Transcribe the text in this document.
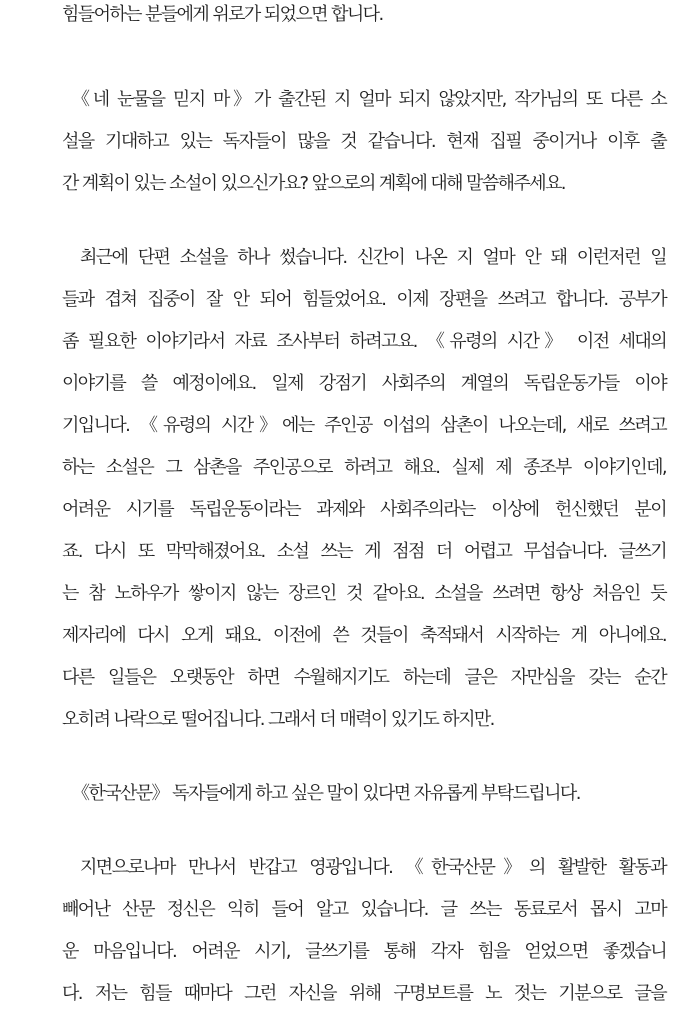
힘들어하는 분들에게 위로가 되었으면 합니다.
《네 눈물을 믿지 마》가 출간된 지 얼마 되지 않았지만, 작가님의 또 다른 소
설을 기대하고 있는 독자들이 많을 것 같습니다. 현재 집필 중이거나 이후 출
간 계획이 있는 소설이 있으신가요? 앞으로의 계획에 대해 말씀해주세요.
최근에 단편 소설을 하나 썼습니다. 신간이 나온 지 얼마 안 돼 이런저런 일
들과 겹쳐 집중이 잘 안 되어 힘들었어요. 이제 장편을 쓰려고 합니다. 공부가
좀 필요한 이야기라서 자료 조사부터 하려고요. 《유령의 시간》 이전 세대의
이야기를 쓸 예정이에요. 일제 강점기 사회주의 계열의 독립운동가들 이야
기입니다. 《유령의 시간》에는 주인공 이섭의 삼촌이 나오는데, 새로 쓰려고
하는 소설은 그 삼촌을 주인공으로 하려고 해요. 실제 제 종조부 이야기인데,
어려운 시기를 독립운동이라는 과제와 사회주의라는 이상에 헌신했던 분이
죠. 다시 또 막막해졌어요. 소설 쓰는 게 점점 더 어렵고 무섭습니다. 글쓰기
는 참 노하우가 쌓이지 않는 장르인 것 같아요. 소설을 쓰려면 항상 처음인 듯
제자리에 다시 오게 돼요. 이전에 쓴 것들이 축적돼서 시작하는 게 아니에요.
다른 일들은 오랫동안 하면 수월해지기도 하는데 글은 자만심을 갖는 순간
오히려 나락으로 떨어집니다. 그래서 더 매력이 있기도 하지만.
《한국산문》 독자들에게 하고 싶은 말이 있다면 자유롭게 부탁드립니다.
지면으로나마 만나서 반갑고 영광입니다. 《한국산문》의 활발한 활동과
빼어난 산문 정신은 익히 들어 알고 있습니다. 글 쓰는 동료로서 몹시 고마
운 마음입니다. 어려운 시기, 글쓰기를 통해 각자 힘을 얻었으면 좋겠습니
다. 저는 힘들 때마다 그런 자신을 위해 구명보트를 노 젓는 기분으로 글을
